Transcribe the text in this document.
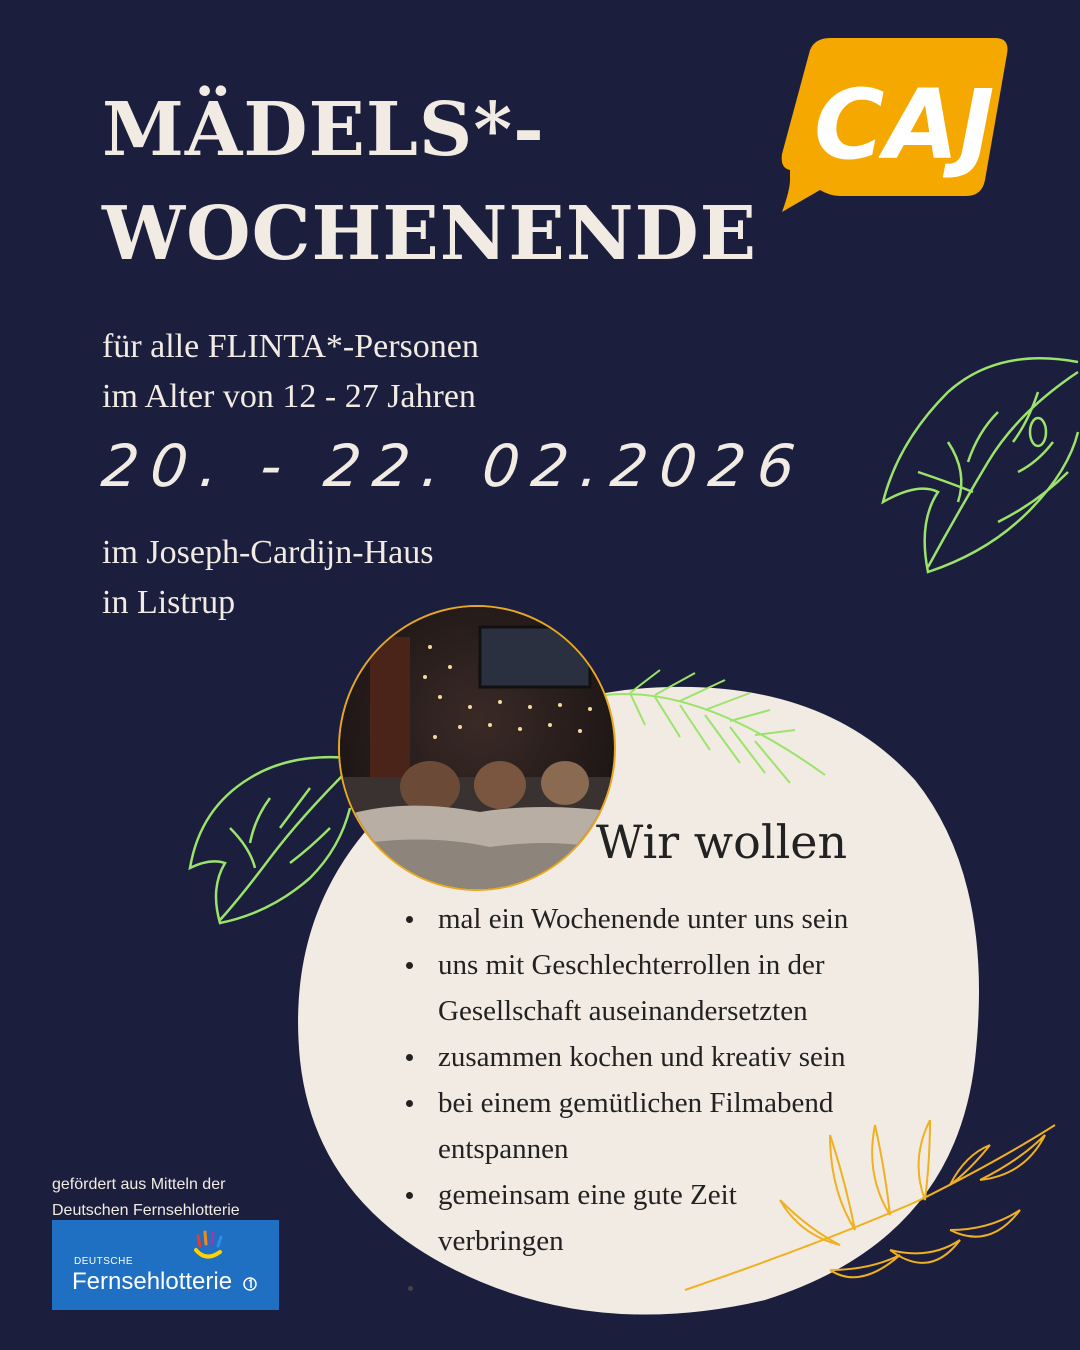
MÄDELS*-
WOCHENENDE
CAJ
für alle FLINTA*-Personen
im Alter von 12 - 27 Jahren
20. - 22. 02.2026
im Joseph-Cardijn-Haus
in Listrup
Wir wollen
mal ein Wochenende unter uns sein
uns mit Geschlechterrollen in der Gesellschaft auseinandersetzten
zusammen kochen und kreativ sein
bei einem gemütlichen Filmabend entspannen
gemeinsam eine gute Zeit verbringen
gefördert aus Mitteln der
Deutschen Fernsehlotterie
DEUTSCHE
Fernsehlotterie
